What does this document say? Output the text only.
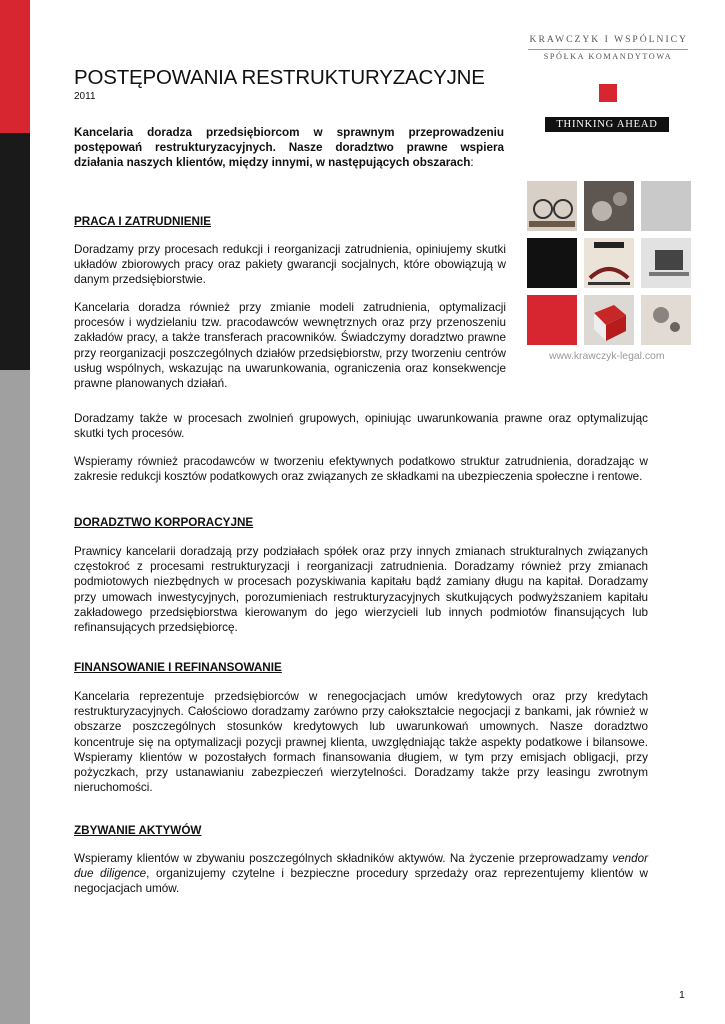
KRAWCZYK I WSPÓLNICY
SPÓŁKA KOMANDYTOWA
THINKING AHEAD
www.krawczyk-legal.com
POSTĘPOWANIA RESTRUKTURYZACYJNE
2011
Kancelaria doradza przedsiębiorcom w sprawnym przeprowadzeniu postępowań restrukturyzacyjnych. Nasze doradztwo prawne wspiera działania naszych klientów, między innymi, w następujących obszarach:
PRACA I ZATRUDNIENIE
Doradzamy przy procesach redukcji i reorganizacji zatrudnienia, opiniujemy skutki układów zbiorowych pracy oraz pakiety gwarancji socjalnych, które obowiązują w danym przedsiębiorstwie.
Kancelaria doradza również przy zmianie modeli zatrudnienia, optymalizacji procesów i wydzielaniu tzw. pracodawców wewnętrznych oraz przy przenoszeniu zakładów pracy, a także transferach pracowników. Świadczymy doradztwo prawne przy reorganizacji poszczególnych działów przedsiębiorstw, przy tworzeniu centrów usług wspólnych, wskazując na uwarunkowania, ograniczenia oraz konsekwencje prawne planowanych działań.
Doradzamy także w procesach zwolnień grupowych, opiniując uwarunkowania prawne oraz optymalizując skutki tych procesów.
Wspieramy również pracodawców w tworzeniu efektywnych podatkowo struktur zatrudnienia, doradzając w zakresie redukcji kosztów podatkowych oraz związanych ze składkami na ubezpieczenia społeczne i rentowe.
DORADZTWO KORPORACYJNE
Prawnicy kancelarii doradzają przy podziałach spółek oraz przy innych zmianach strukturalnych związanych częstokroć z procesami restrukturyzacji i reorganizacji zatrudnienia. Doradzamy również przy zmianach podmiotowych niezbędnych w procesach pozyskiwania kapitału bądź zamiany długu na kapitał. Doradzamy przy umowach inwestycyjnych, porozumieniach restrukturyzacyjnych skutkujących podwyższaniem kapitału zakładowego przedsiębiorstwa kierowanym do jego wierzycieli lub innych podmiotów finansujących lub refinansujących przedsiębiorcę.
FINANSOWANIE I REFINANSOWANIE
Kancelaria reprezentuje przedsiębiorców w renegocjacjach umów kredytowych oraz przy kredytach restrukturyzacyjnych. Całościowo doradzamy zarówno przy całokształcie negocjacji z bankami, jak również w obszarze poszczególnych stosunków kredytowych lub uwarunkowań umownych. Nasze doradztwo koncentruje się na optymalizacji pozycji prawnej klienta, uwzględniając także aspekty podatkowe i bilansowe. Wspieramy klientów w pozostałych formach finansowania długiem, w tym przy emisjach obligacji, przy pożyczkach, przy ustanawianiu zabezpieczeń wierzytelności. Doradzamy także przy leasingu zwrotnym nieruchomości.
ZBYWANIE AKTYWÓW
Wspieramy klientów w zbywaniu poszczególnych składników aktywów. Na życzenie przeprowadzamy vendor due diligence, organizujemy czytelne i bezpieczne procedury sprzedaży oraz reprezentujemy klientów w negocjacjach umów.
1
